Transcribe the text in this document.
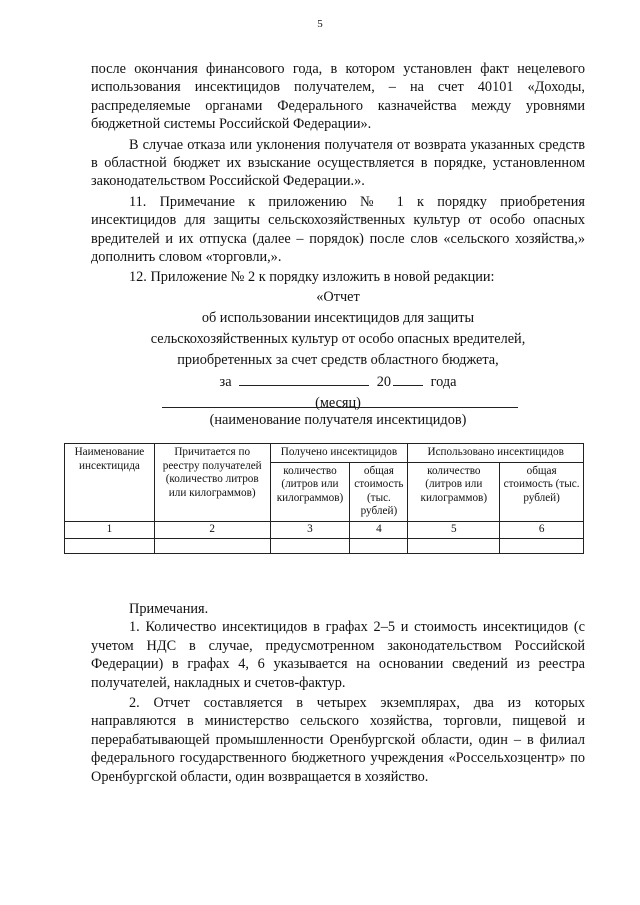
5

после окончания финансового года, в котором установлен факт нецелевого использования инсектицидов получателем, – на счет 40101 «Доходы, распределяемые органами Федерального казначейства между уровнями бюджетной системы Российской Федерации».

В случае отказа или уклонения получателя от возврата указанных средств в областной бюджет их взыскание осуществляется в порядке, установленном законодательством Российской Федерации.».

11. Примечание к приложению № 1 к порядку приобретения инсектицидов для защиты сельскохозяйственных культур от особо опасных вредителей и их отпуска (далее – порядок) после слов «сельского хозяйства,» дополнить словом «торговли,».

12. Приложение № 2 к порядку изложить в новой редакции:

«Отчет
об использовании инсектицидов для защиты
сельскохозяйственных культур от особо опасных вредителей,
приобретенных за счет средств областного бюджета,
за	20	года
(месяц)
(наименование получателя инсектицидов)
Наименование инсектицида	Причитается по реестру получателей (количество литров или килограммов)	Получено инсектицидов		Использовано инсектицидов	
		количество (литров или килограммов)	общая стоимость (тыс. рублей)	количество (литров или килограммов)	общая стоимость (тыс. рублей)
1	2	3	4	5	6

Примечания.

1. Количество инсектицидов в графах 2–5 и стоимость инсектицидов (с учетом НДС в случае, предусмотренном законодательством Российской Федерации) в графах 4, 6 указывается на основании сведений из реестра получателей, накладных и счетов-фактур.

2. Отчет составляется в четырех экземплярах, два из которых направляются в министерство сельского хозяйства, торговли, пищевой и перерабатывающей промышленности Оренбургской области, один – в филиал федерального государственного бюджетного учреждения «Россельхозцентр» по Оренбургской области, один возвращается в хозяйство.
